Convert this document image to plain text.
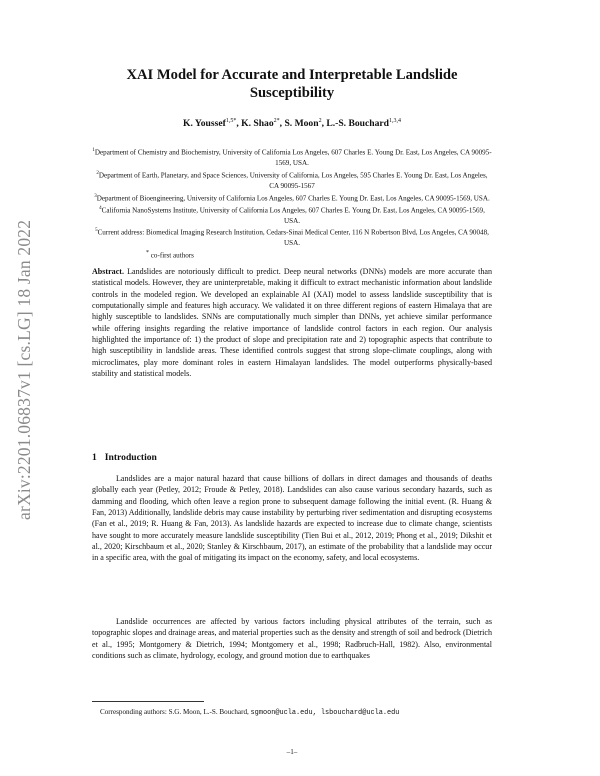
arXiv:2201.06837v1 [cs.LG] 18 Jan 2022
XAI Model for Accurate and Interpretable Landslide
Susceptibility
K. Youssef$^{1,5*}$, K. Shao$^{2*}$, S. Moon$^2$, L.-S. Bouchard$^{1,3,4}$
$^1$Department of Chemistry and Biochemistry, University of California Los Angeles, 607 Charles E. Young Dr. East, Los Angeles, CA 90095-1569, USA.
$^2$Department of Earth, Planetary, and Space Sciences, University of California, Los Angeles, 595 Charles E. Young Dr. East, Los Angeles, CA 90095-1567
$^3$Department of Bioengineering, University of California Los Angeles, 607 Charles E. Young Dr. East, Los Angeles, CA 90095-1569, USA.
$^4$California NanoSystems Institute, University of California Los Angeles, 607 Charles E. Young Dr. East, Los Angeles, CA 90095-1569, USA.
$^5$Current address: Biomedical Imaging Research Institution, Cedars-Sinai Medical Center, 116 N Robertson Blvd, Los Angeles, CA 90048, USA.
* co-first authors
Abstract. Landslides are notoriously difficult to predict. Deep neural networks (DNNs) models are more accurate than statistical models. However, they are uninterpretable, making it difficult to extract mechanistic information about landslide controls in the modeled region. We developed an explainable AI (XAI) model to assess landslide susceptibility that is computationally simple and features high accuracy. We validated it on three different regions of eastern Himalaya that are highly susceptible to landslides. SNNs are computationally much simpler than DNNs, yet achieve similar performance while offering insights regarding the relative importance of landslide control factors in each region. Our analysis highlighted the importance of: 1) the product of slope and precipitation rate and 2) topographic aspects that contribute to high susceptibility in landslide areas. These identified controls suggest that strong slope-climate couplings, along with microclimates, play more dominant roles in eastern Himalayan landslides. The model outperforms physically-based stability and statistical models.
1 Introduction

Landslides are a major natural hazard that cause billions of dollars in direct damages and thousands of deaths globally each year (Petley, 2012; Froude & Petley, 2018). Landslides can also cause various secondary hazards, such as damming and flooding, which often leave a region prone to subsequent damage following the initial event. (R. Huang & Fan, 2013) Additionally, landslide debris may cause instability by perturbing river sedimentation and disrupting ecosystems (Fan et al., 2019; R. Huang & Fan, 2013). As landslide hazards are expected to increase due to climate change, scientists have sought to more accurately measure landslide susceptibility (Tien Bui et al., 2012, 2019; Phong et al., 2019; Dikshit et al., 2020; Kirschbaum et al., 2020; Stanley & Kirschbaum, 2017), an estimate of the probability that a landslide may occur in a specific area, with the goal of mitigating its impact on the economy, safety, and local ecosystems.

Landslide occurrences are affected by various factors including physical attributes of the terrain, such as topographic slopes and drainage areas, and material properties such as the density and strength of soil and bedrock (Dietrich et al., 1995; Montgomery & Dietrich, 1994; Montgomery et al., 1998; Radbruch-Hall, 1982). Also, environmental conditions such as climate, hydrology, ecology, and ground motion due to earthquakes

Corresponding authors: S.G. Moon, L.-S. Bouchard, sgmoon@ucla.edu, lsbouchard@ucla.edu
–1–
